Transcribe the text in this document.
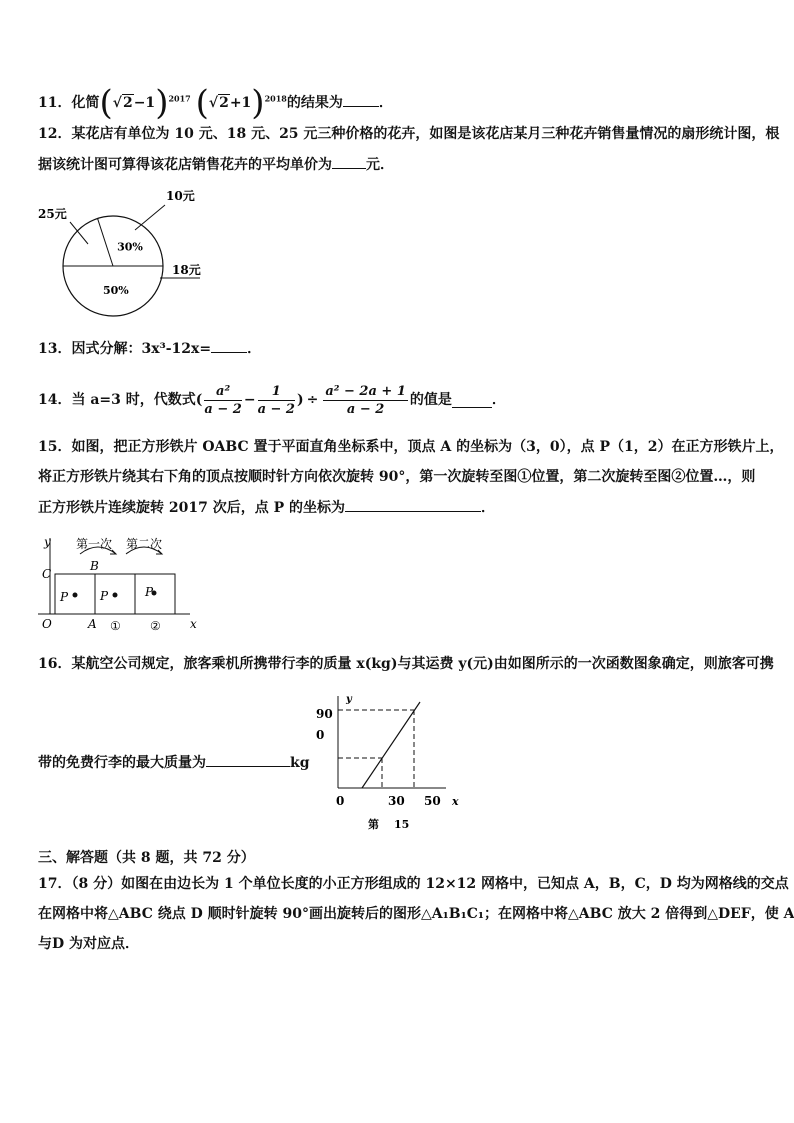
11．化简$(√2-1)^{2017}$ $(√2+1)^{2018}$的结果为	．
12．某花店有单位为 10 元、18 元、25 元三种价格的花卉，如图是该花店某月三种花卉销售量情况的扇形统计图，根
据该统计图可算得该花店销售花卉的平均单价为 元．
30%
50%
10元
25元
18元
13．因式分解：3x³-12x=	．
14．当 a=3 时，代数式( $\frac{\text{a²}}{a - 2} - \frac{1}{a - 2}$ ) ÷ $\frac{\text{a² − 2a + 1}}{a - 2}$ 的值是	．
15．如图，把正方形铁片 OABC 置于平面直角坐标系中，顶点 A 的坐标为（3，0），点 P（1，2）在正方形铁片上，
将正方形铁片绕其右下角的顶点按顺时针方向依次旋转 90°，第一次旋转至图①位置，第二次旋转至图②位置…，则
正方形铁片连续旋转 2017 次后，点 P 的坐标为	．
y 第一次 第二次
B
C
P	P	P
O	A ① ② x
16．某航空公司规定，旅客乘机所携带行李的质量 x(kg)与其运费 y(元)由如图所示的一次函数图象确定，则旅客可携
带的免费行李的最大质量为	kg
y
90
0
0	30 50 x
第 15
三、解答题（共 8 题，共 72 分）
17．（8 分）如图在由边长为 1 个单位长度的小正方形组成的 12×12 网格中，已知点 A，B，C，D 均为网格线的交点
在网格中将△ABC 绕点 D 顺时针旋转 90°画出旋转后的图形△A₁B₁C₁；在网格中将△ABC 放大 2 倍得到△DEF，使 A
与D 为对应点．
